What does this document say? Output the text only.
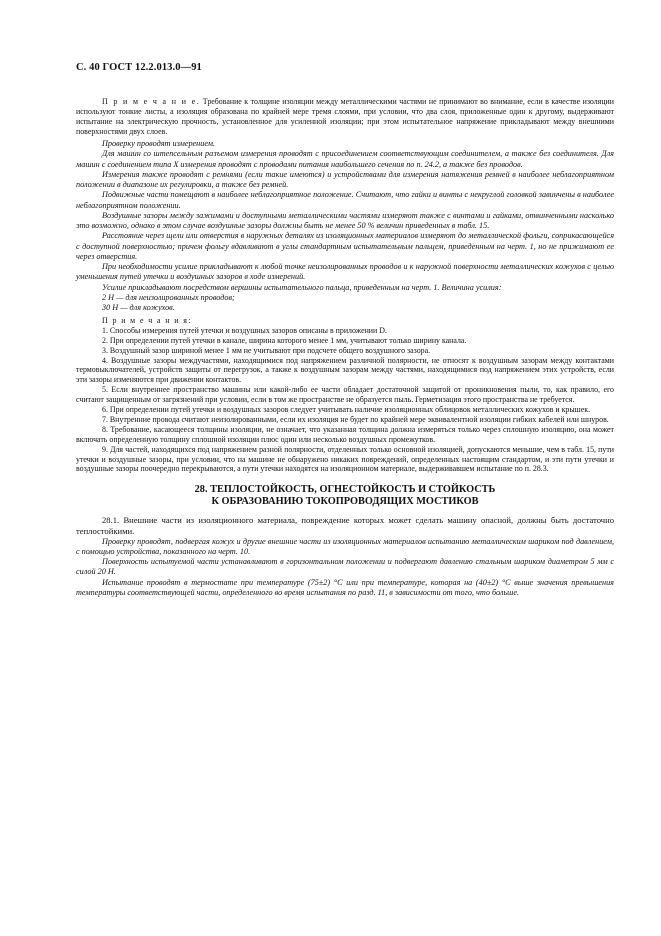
С. 40 ГОСТ 12.2.013.0—91

П р и м е ч а н и е. Требование к толщине изоляции между металлическими частями не принимают во внимание, если в качестве изоляции используют тонкие листы, а изоляция образована по крайней мере тремя слоями, при условии, что два слоя, приложенные один к другому, выдерживают испытание на электрическую прочность, установленное для усиленной изоляции; при этом испытательное напряжение прикладывают между внешними поверхностями двух слоев.

Проверку проводят измерением.

Для машин со штепсельным разъемом измерения проводят с присоединением соответствующим соединителем, а также без соединителя. Для машин с соединением типа X измерения проводят с проводами питания наибольшего сечения по п. 24.2, а также без проводов.

Измерения также проводят с ремнями (если такие имеются) и устройствами для измерения натяжения ремней в наиболее неблагоприятном положении в диапазоне их регулировки, а также без ремней.

Подвижные части помещают в наиболее неблагоприятное положение. Считают, что гайки и винты с некруглой головкой завинчены в наиболее неблагоприятном положении.

Воздушные зазоры между зажимами и доступными металлическими частями измеряют также с винтами и гайками, отвинченными насколько это возможно, однако в этом случае воздушные зазоры должны быть не менее 50 % величин приведенных в табл. 15.

Расстояние через щели или отверстия в наружных деталях из изоляционных материалов измеряют до металлической фольги, соприкасающейся с доступной поверхностью; причем фольгу вдавливают в углы стандартным испытательным пальцем, приведенным на черт. 1, но не прижимают ее через отверстия.

При необходимости усилие прикладывают к любой точке неизолированных проводов и к наружной поверхности металлических кожухов с целью уменьшения путей утечки и воздушных зазоров в ходе измерений.

Усилие прикладывают посредством вершины испытательного пальца, приведенным на черт. 1. Величина усилия:

2 Н — для неизолированных проводов;

30 Н — для кожухов.

П р и м е ч а н и я:

1. Способы измерения путей утечки и воздушных зазоров описаны в приложении D.

2. При определении путей утечки в канале, ширина которого менее 1 мм, учитывают только ширину канала.

3. Воздушный зазор шириной менее 1 мм не учитывают при подсчете общего воздушного зазора.

4. Воздушные зазоры междучастями, находящимися под напряжением различной полярности, не относят к воздушным зазорам между контактами термовыключателей, устройств защиты от перегрузок, а также к воздушным зазорам между частями, находящимися под напряжением этих устройств, если эти зазоры изменяются при движении контактов.

5. Если внутреннее пространство машины или какой-либо ее части обладает достаточной защитой от проникновения пыли, то, как правило, его считают защищенным от загрязнений при условии, если в том же пространстве не образуется пыль. Герметизация этого пространства не требуется.

6. При определении путей утечки и воздушных зазоров следует учитывать наличие изоляционных облицовок металлических кожухов и крышек.

7. Внутренние провода считают неизолированными, если их изоляция не будет по крайней мере эквивалентной изоляции гибких кабелей или шнуров.

8. Требование, касающееся толщины изоляции, не означает, что указанная толщина должна измеряться только через сплошную изоляцию, она может включать определенную толщину сплошной изоляции плюс один или несколько воздушных промежутков.

9. Для частей, находящихся под напряжением разной полярности, отделенных только основной изоляцией, допускаются меньшие, чем в табл. 15, пути утечки и воздушные зазоры, при условии, что на машине не обнаружено никаких повреждений, определенных настоящим стандартом, и эти пути утечки и воздушные зазоры поочередно перекрываются, а пути утечки находятся на изоляционном материале, выдерживавшем испытание по п. 28.3.

28. ТЕПЛОСТОЙКОСТЬ, ОГНЕСТОЙКОСТЬ И СТОЙКОСТЬ
К ОБРАЗОВАНИЮ ТОКОПРОВОДЯЩИХ МОСТИКОВ

28.1. Внешние части из изоляционного материала, повреждение которых может сделать машину опасной, должны быть достаточно теплостойкими.

Проверку проводят, подвергая кожух и другие внешние части из изоляционных материалов испытанию металлическим шариком под давлением, с помощью устройства, показанного на черт. 10.

Поверхность испытуемой части устанавливают в горизонтальном положении и подвергают давлению стальным шариком диаметром 5 мм с силой 20 Н.

Испытание проводят в термостате при температуре (75±2) °С или при температуре, которая на (40±2) °С выше значения превышения температуры соответствующей части, определенного во время испытания по разд. 11, в зависимости от того, что больше.
